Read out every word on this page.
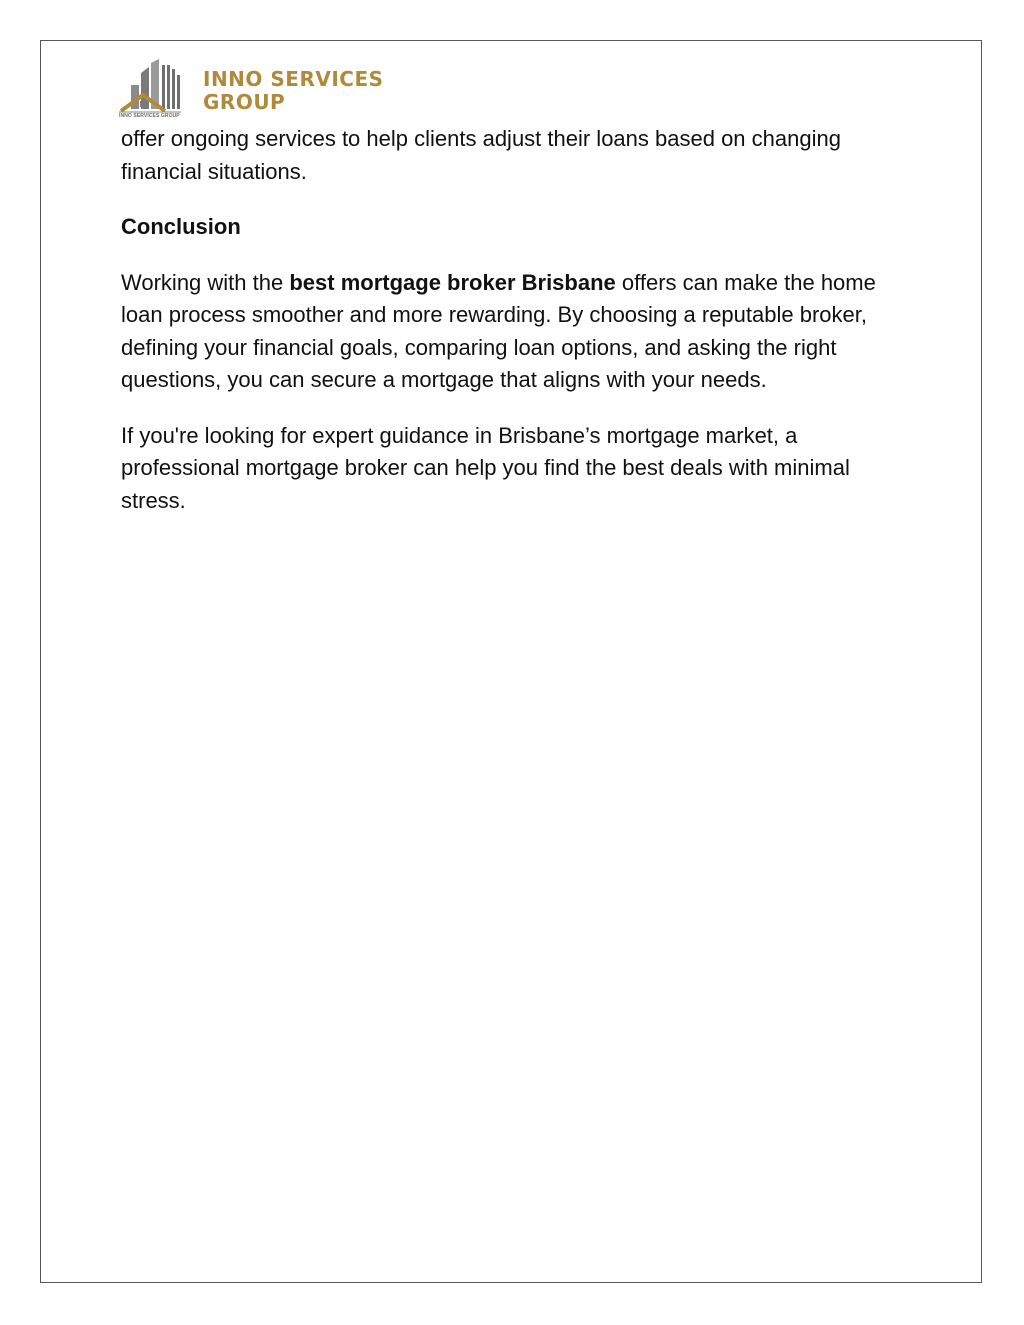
INNO SERVICES
GROUP
INNO SERVICES GROUP

offer ongoing services to help clients adjust their loans based on changing financial situations.

Conclusion

Working with the best mortgage broker Brisbane offers can make the home loan process smoother and more rewarding. By choosing a reputable broker, defining your financial goals, comparing loan options, and asking the right questions, you can secure a mortgage that aligns with your needs.

If you're looking for expert guidance in Brisbane’s mortgage market, a professional mortgage broker can help you find the best deals with minimal stress.
